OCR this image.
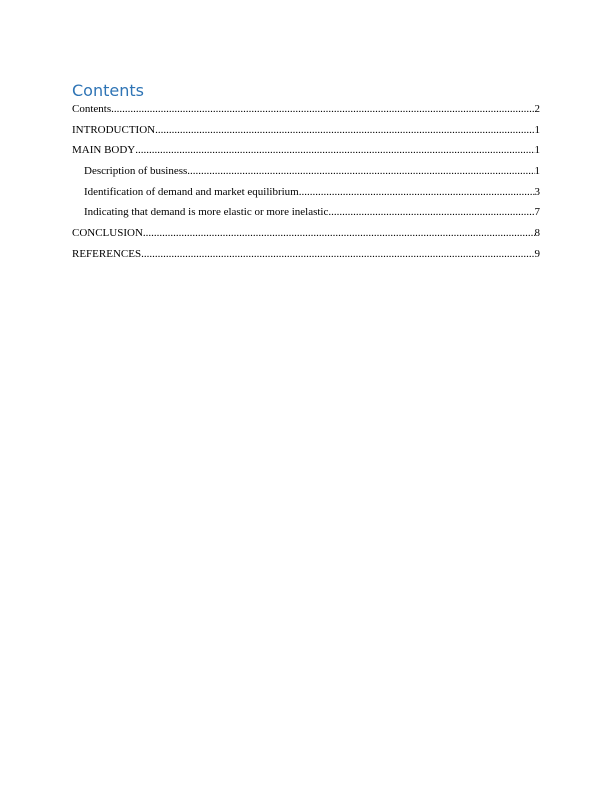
Contents
Contents .....	2
INTRODUCTION .....	1
MAIN BODY .....	1
Description of business .....	1
Identification of demand and market equilibrium .....	3
Indicating that demand is more elastic or more inelastic .....	7
CONCLUSION .....	8
REFERENCES .....	9
